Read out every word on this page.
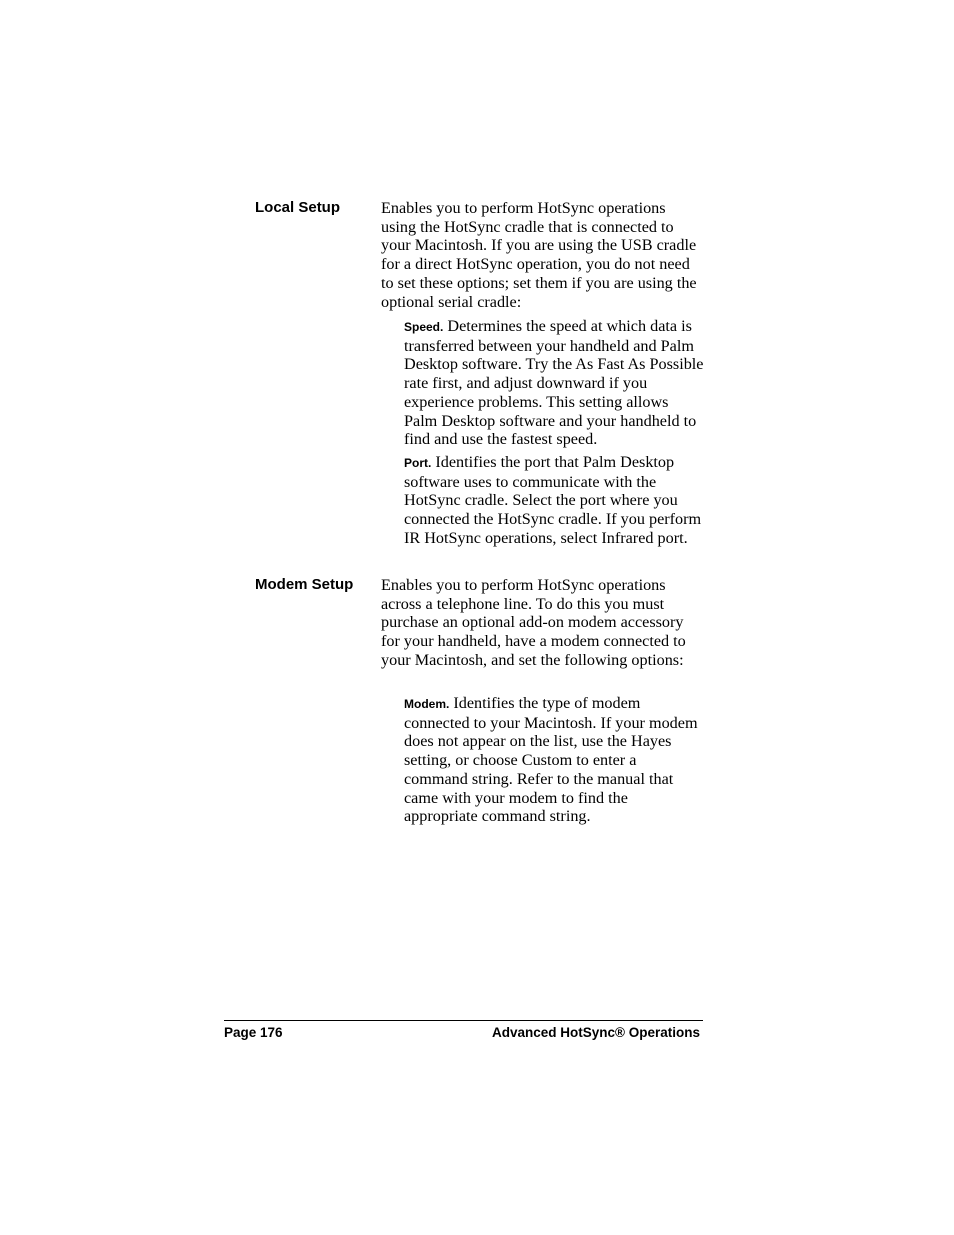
Local Setup	Enables you to perform HotSync operations using the HotSync cradle that is connected to your Macintosh. If you are using the USB cradle for a direct HotSync operation, you do not need to set these options; set them if you are using the optional serial cradle:

Speed. Determines the speed at which data is transferred between your handheld and Palm Desktop software. Try the As Fast As Possible rate first, and adjust downward if you experience problems. This setting allows Palm Desktop software and your handheld to find and use the fastest speed.

Port. Identifies the port that Palm Desktop software uses to communicate with the HotSync cradle. Select the port where you connected the HotSync cradle. If you perform IR HotSync operations, select Infrared port.

Modem Setup Enables you to perform HotSync operations across a telephone line. To do this you must purchase an optional add-on modem accessory for your handheld, have a modem connected to your Macintosh, and set the following options:

Modem. Identifies the type of modem connected to your Macintosh. If your modem does not appear on the list, use the Hayes setting, or choose Custom to enter a command string. Refer to the manual that came with your modem to find the appropriate command string.

Page 176	Advanced HotSync® Operations
